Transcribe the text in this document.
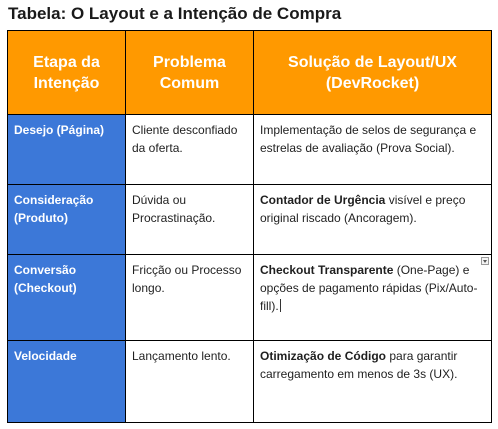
Tabela: O Layout e a Intenção de Compra
Etapa da Intenção	Problema Comum	Solução de Layout/UX (DevRocket)
Desejo (Página)	Cliente desconfiado da oferta.	Implementação de selos de segurança e estrelas de avaliação (Prova Social).
Consideração (Produto)	Dúvida ou Procrastinação.	Contador de Urgência visível e preço original riscado (Ancoragem).
Conversão (Checkout)	Fricção ou Processo longo.	Checkout Transparente (One-Page) e opções de pagamento rápidas (Pix/Auto-fill).
Velocidade	Lançamento lento.	Otimização de Código para garantir carregamento em menos de 3s (UX).
